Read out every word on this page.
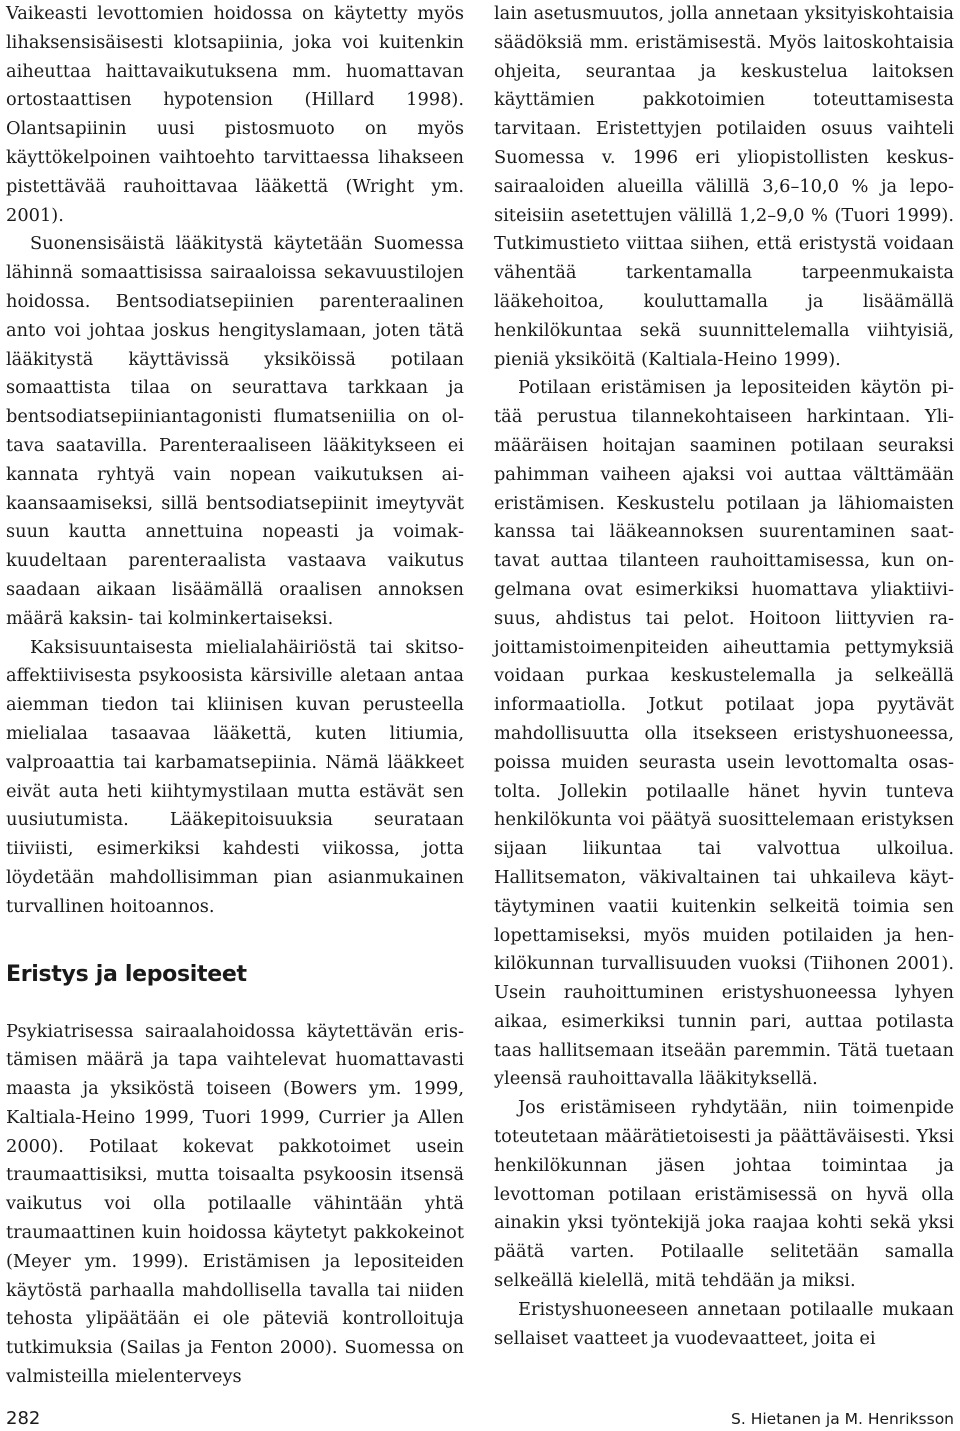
Vaikeasti levottomien hoidossa on käytetty myös lihaksensisäisesti klotsapiinia, joka voi kuitenkin aiheuttaa haittavaikutuksena mm. huomattavan ortostaattisen hypotension (Hillard 1998). Olantsapiinin uusi pistosmuoto on myös käyttökelpoinen vaihtoehto tarvittaessa lihakseen pistettävää rauhoittavaa lääkettä (Wright ym. 2001).

Suonensisäistä lääkitystä käytetään Suomessa lähinnä somaattisissa sairaaloissa sekavuustilojen hoidossa. Bentsodiatsepiinien parenteraalinen anto voi johtaa joskus hengityslamaan, joten tätä lääkitystä käyttävissä yksiköissä potilaan somaattista tilaa on seurattava tarkkaan ja bentsodiatsepiiniantagonisti flumatseniilia on oltava saatavilla. Parenteraaliseen lääkitykseen ei kannata ryhtyä vain nopean vaikutuksen aikaansaamiseksi, sillä bentsodiatsepiinit imeytyvät suun kautta annettuina nopeasti ja voimakkuudeltaan parenteraalista vastaava vaikutus saadaan aikaan lisäämällä oraalisen annoksen määrä kaksin- tai kolminkertaiseksi.

Kaksisuuntaisesta mielialahäiriöstä tai skitsoaffektiivisesta psykoosista kärsiville aletaan antaa aiemman tiedon tai kliinisen kuvan perusteella mielialaa tasaavaa lääkettä, kuten litiumia, valproaattia tai karbamatsepiinia. Nämä lääkkeet eivät auta heti kiihtymystilaan mutta estävät sen uusiutumista. Lääkepitoisuuksia seurataan tiiviisti, esimerkiksi kahdesti viikossa, jotta löydetään mahdollisimman pian asianmukainen turvallinen hoitoannos.

Eristys ja lepositeet

Psykiatrisessa sairaalahoidossa käytettävän eristämisen määrä ja tapa vaihtelevat huomattavasti maasta ja yksiköstä toiseen (Bowers ym. 1999, Kaltiala-Heino 1999, Tuori 1999, Currier ja Allen 2000). Potilaat kokevat pakkotoimet usein traumaattisiksi, mutta toisaalta psykoosin itsensä vaikutus voi olla potilaalle vähintään yhtä traumaattinen kuin hoidossa käytetyt pakkokeinot (Meyer ym. 1999). Eristämisen ja lepositeiden käytöstä parhaalla mahdollisella tavalla tai niiden tehosta ylipäätään ei ole päteviä kontrolloituja tutkimuksia (Sailas ja Fenton 2000). Suomessa on valmisteilla mielenterveys

lain asetusmuutos, jolla annetaan yksityiskohtaisia säädöksiä mm. eristämisestä. Myös laitoskohtaisia ohjeita, seurantaa ja keskustelua laitoksen käyttämien pakkotoimien toteuttamisesta tarvitaan. Eristettyjen potilaiden osuus vaihteli Suomessa v. 1996 eri yliopistollisten keskussairaaloiden alueilla välillä 3,6–10,0 % ja lepositeisiin asetettujen välillä 1,2–9,0 % (Tuori 1999). Tutkimustieto viittaa siihen, että eristystä voidaan vähentää tarkentamalla tarpeenmukaista lääkehoitoa, kouluttamalla ja lisäämällä henkilökuntaa sekä suunnittelemalla viihtyisiä, pieniä yksiköitä (Kaltiala-Heino 1999).

Potilaan eristämisen ja lepositeiden käytön pitää perustua tilannekohtaiseen harkintaan. Ylimääräisen hoitajan saaminen potilaan seuraksi pahimman vaiheen ajaksi voi auttaa välttämään eristämisen. Keskustelu potilaan ja lähiomaisten kanssa tai lääkeannoksen suurentaminen saattavat auttaa tilanteen rauhoittamisessa, kun ongelmana ovat esimerkiksi huomattava yliaktiivisuus, ahdistus tai pelot. Hoitoon liittyvien rajoittamistoimenpiteiden aiheuttamia pettymyksiä voidaan purkaa keskustelemalla ja selkeällä informaatiolla. Jotkut potilaat jopa pyytävät mahdollisuutta olla itsekseen eristyshuoneessa, poissa muiden seurasta usein levottomalta osastolta. Jollekin potilaalle hänet hyvin tunteva henkilökunta voi päätyä suosittelemaan eristyksen sijaan liikuntaa tai valvottua ulkoilua. Hallitsematon, väkivaltainen tai uhkaileva käyttäytyminen vaatii kuitenkin selkeitä toimia sen lopettamiseksi, myös muiden potilaiden ja henkilökunnan turvallisuuden vuoksi (Tiihonen 2001). Usein rauhoittuminen eristyshuoneessa lyhyen aikaa, esimerkiksi tunnin pari, auttaa potilasta taas hallitsemaan itseään paremmin. Tätä tuetaan yleensä rauhoittavalla lääkityksellä.

Jos eristämiseen ryhdytään, niin toimenpide toteutetaan määrätietoisesti ja päättäväisesti. Yksi henkilökunnan jäsen johtaa toimintaa ja levottoman potilaan eristämisessä on hyvä olla ainakin yksi työntekijä joka raajaa kohti sekä yksi päätä varten. Potilaalle selitetään samalla selkeällä kielellä, mitä tehdään ja miksi.

Eristyshuoneeseen annetaan potilaalle mukaan sellaiset vaatteet ja vuodevaatteet, joita ei

282	S. Hietanen ja M. Henriksson
